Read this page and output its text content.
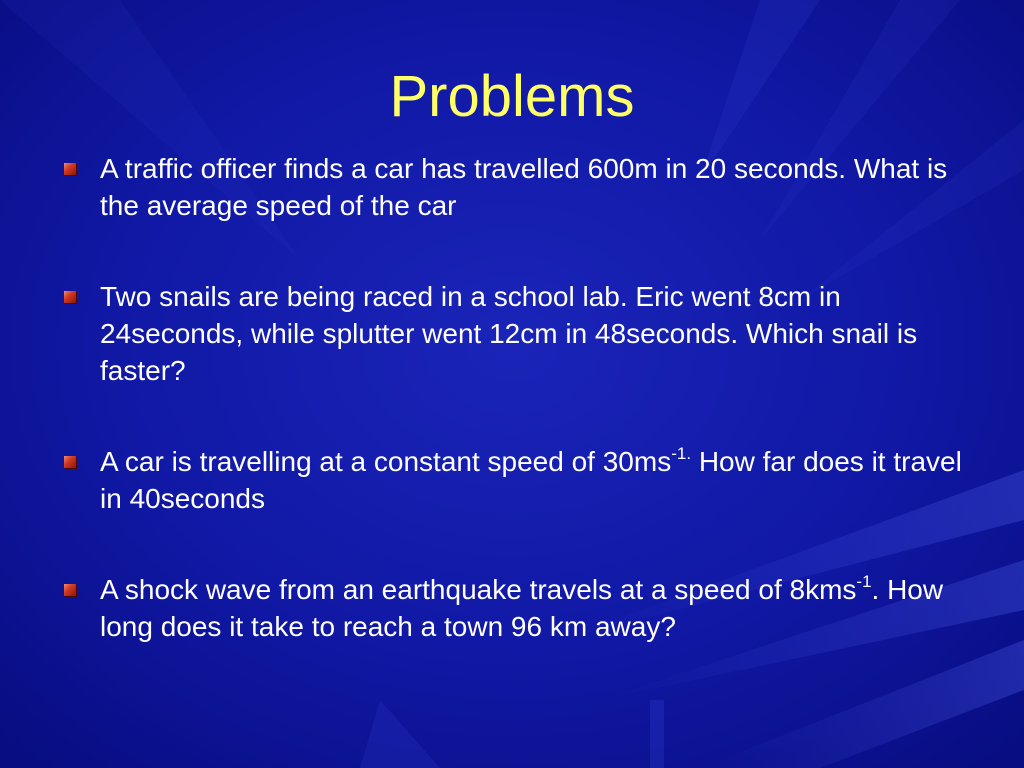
Problems
A traffic officer finds a car has travelled 600m in 20 seconds. What is the average speed of the car
Two snails are being raced in a school lab. Eric went 8cm in 24seconds, while splutter went 12cm in 48seconds. Which snail is faster?
A car is travelling at a constant speed of $30ms^{-1.}$ How far does it travel in 40seconds
A shock wave from an earthquake travels at a speed of 8kms$^{-1}$. How long does it take to reach a town 96 km away?
